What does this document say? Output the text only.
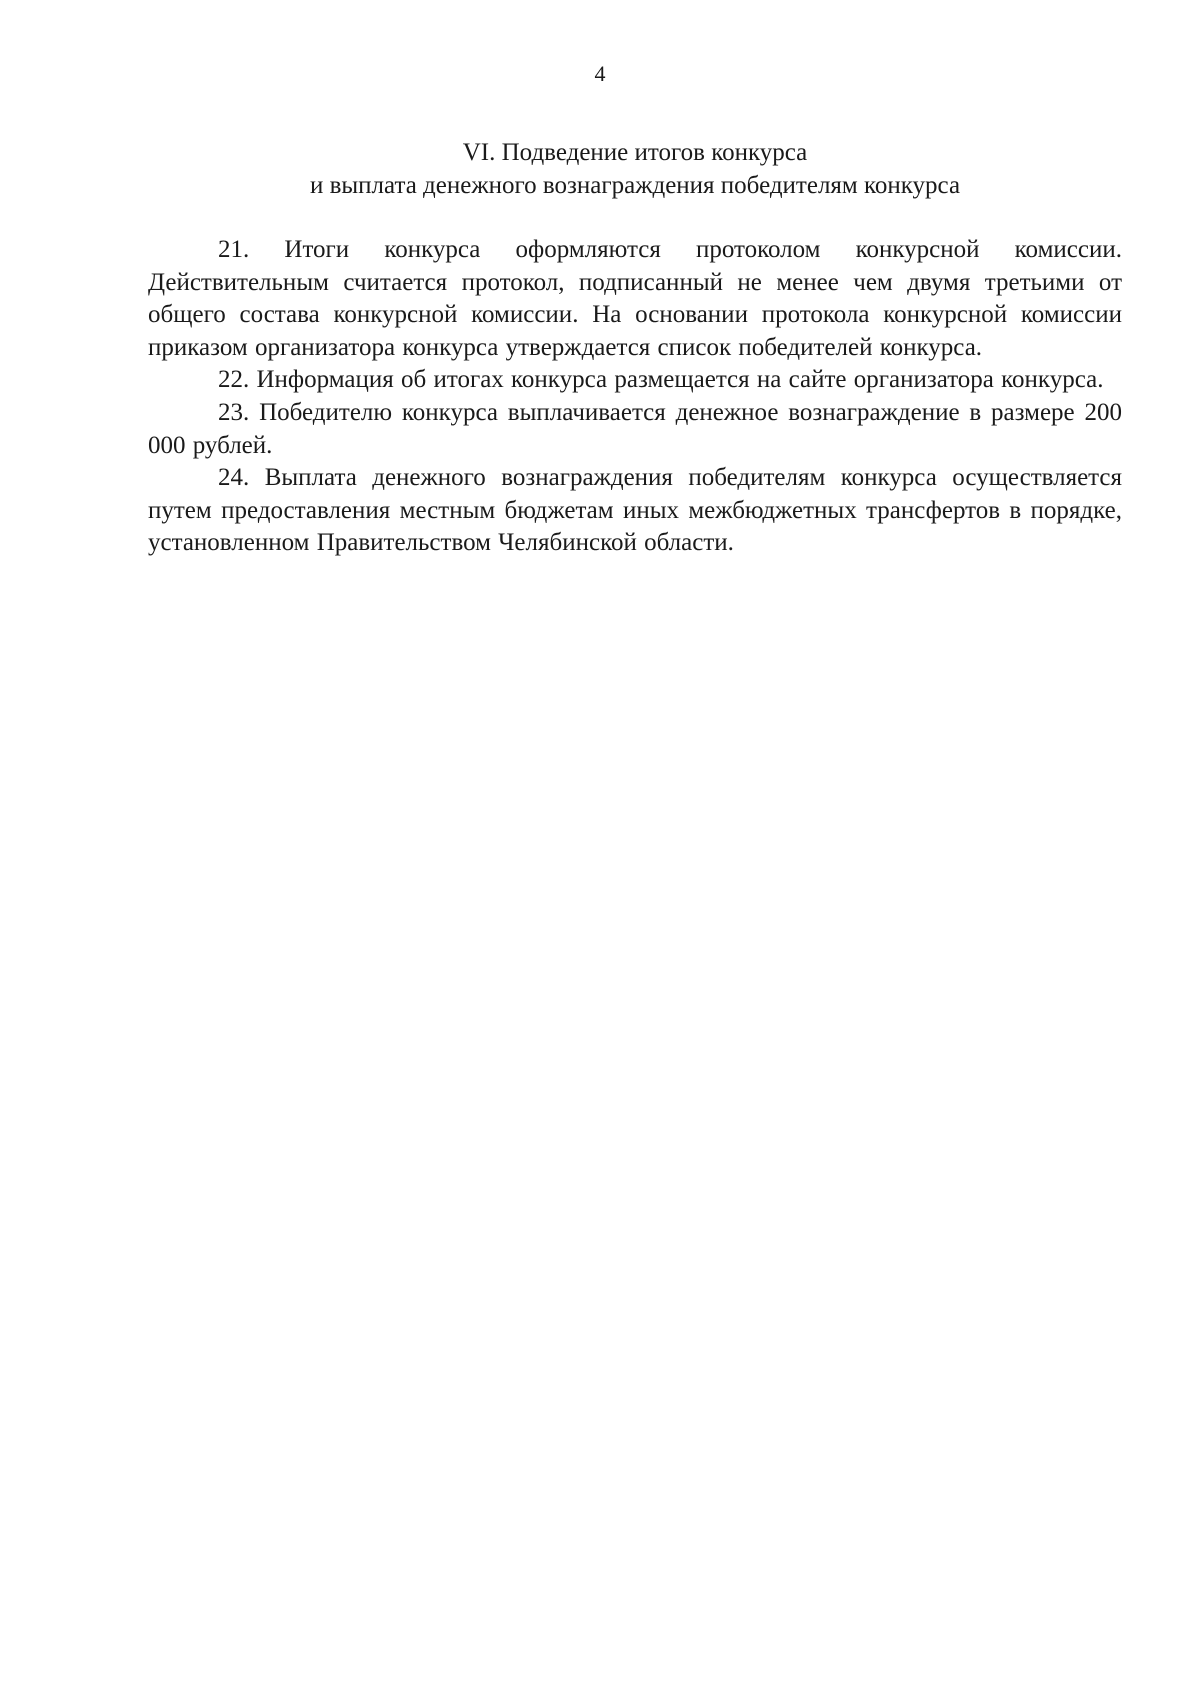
4
VI. Подведение итогов конкурса
и выплата денежного вознаграждения победителям конкурса

21. Итоги конкурса оформляются протоколом конкурсной комиссии. Действительным считается протокол, подписанный не менее чем двумя третьими от общего состава конкурсной комиссии. На основании протокола конкурсной комиссии приказом организатора конкурса утверждается список победителей конкурса.

22. Информация об итогах конкурса размещается на сайте организатора конкурса.

23. Победителю конкурса выплачивается денежное вознаграждение в размере 200 000 рублей.

24. Выплата денежного вознаграждения победителям конкурса осуществляется путем предоставления местным бюджетам иных межбюджетных трансфертов в порядке, установленном Правительством Челябинской области.
